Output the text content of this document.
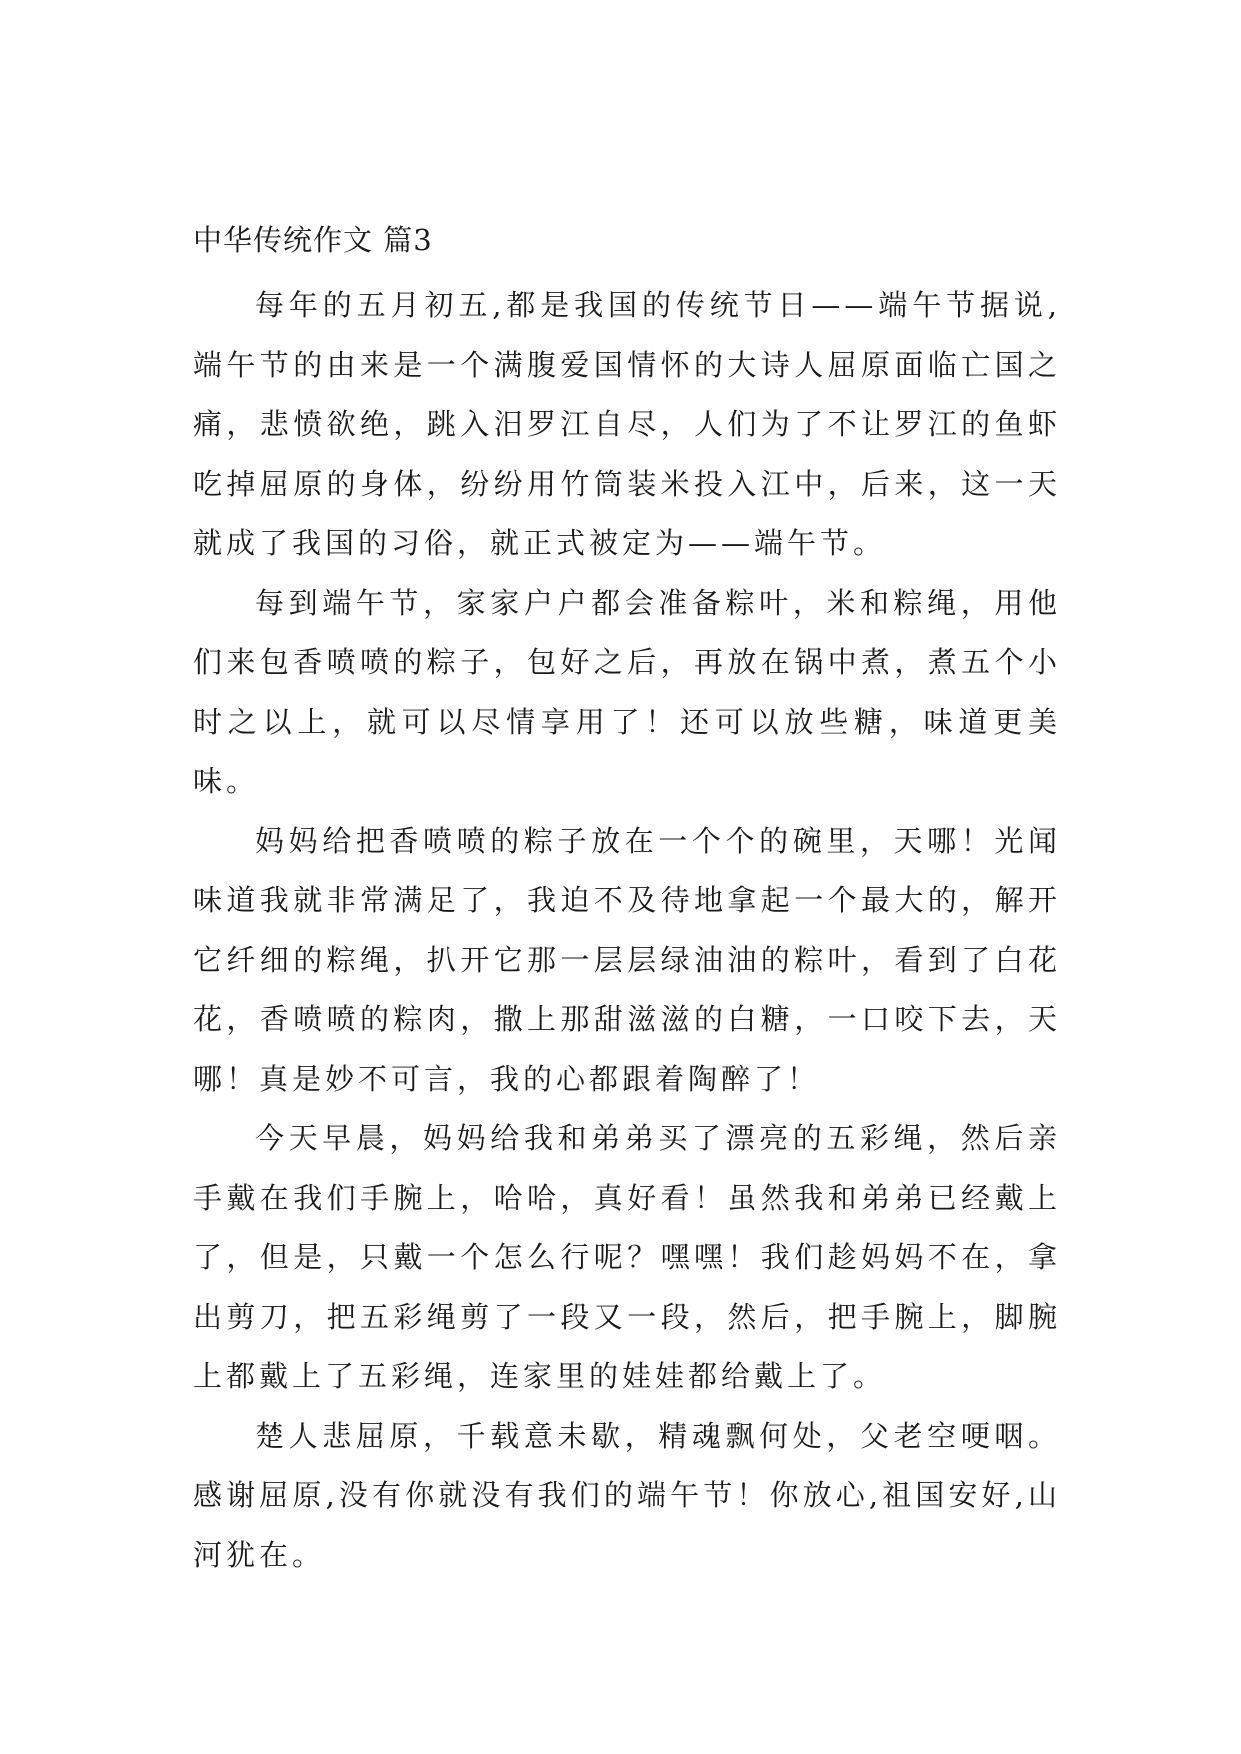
中华传统作文 篇3

每年的五月初五,都是我国的传统节日——端午节据说,端午节的由来是一个满腹爱国情怀的大诗人屈原面临亡国之痛，悲愤欲绝，跳入汨罗江自尽，人们为了不让罗江的鱼虾吃掉屈原的身体，纷纷用竹筒装米投入江中，后来，这一天就成了我国的习俗，就正式被定为——端午节。

每到端午节，家家户户都会准备粽叶，米和粽绳，用他们来包香喷喷的粽子，包好之后，再放在锅中煮，煮五个小时之以上，就可以尽情享用了！还可以放些糖，味道更美味。

妈妈给把香喷喷的粽子放在一个个的碗里，天哪！光闻味道我就非常满足了，我迫不及待地拿起一个最大的，解开它纤细的粽绳，扒开它那一层层绿油油的粽叶，看到了白花花，香喷喷的粽肉，撒上那甜滋滋的白糖，一口咬下去，天哪！真是妙不可言，我的心都跟着陶醉了！

今天早晨，妈妈给我和弟弟买了漂亮的五彩绳，然后亲手戴在我们手腕上，哈哈，真好看！虽然我和弟弟已经戴上了，但是，只戴一个怎么行呢？嘿嘿！我们趁妈妈不在，拿出剪刀，把五彩绳剪了一段又一段，然后，把手腕上，脚腕上都戴上了五彩绳，连家里的娃娃都给戴上了。

楚人悲屈原，千载意未歇，精魂飘何处，父老空哽咽。感谢屈原,没有你就没有我们的端午节！你放心,祖国安好,山河犹在。
